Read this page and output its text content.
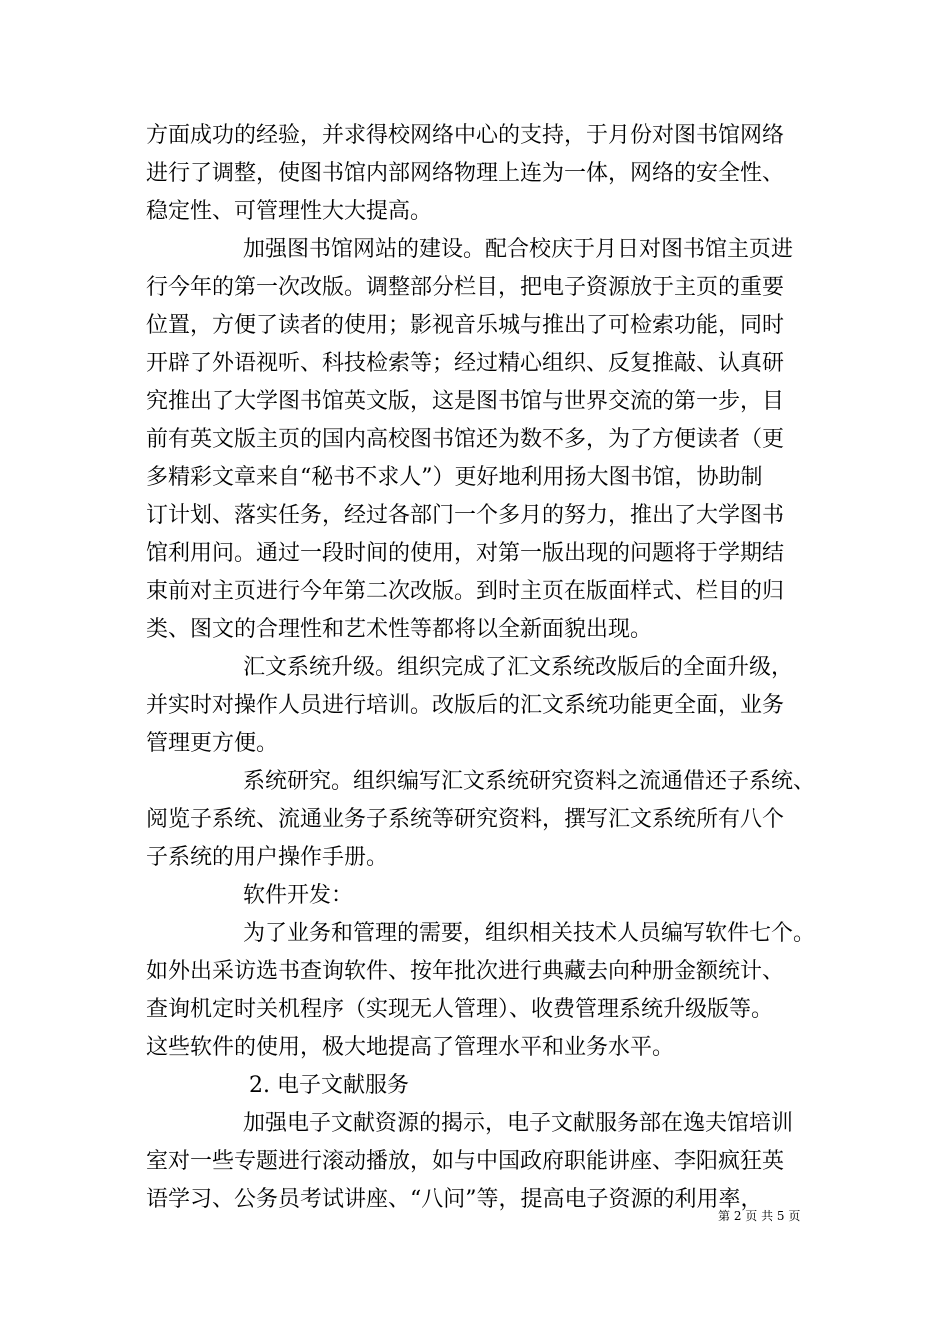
方面成功的经验，并求得校网络中心的支持，于月份对图书馆网络
进行了调整，使图书馆内部网络物理上连为一体，网络的安全性、
稳定性、可管理性大大提高。
加强图书馆网站的建设。配合校庆于月日对图书馆主页进
行今年的第一次改版。调整部分栏目，把电子资源放于主页的重要
位置，方便了读者的使用；影视音乐城与推出了可检索功能，同时
开辟了外语视听、科技检索等；经过精心组织、反复推敲、认真研
究推出了大学图书馆英文版，这是图书馆与世界交流的第一步，目
前有英文版主页的国内高校图书馆还为数不多，为了方便读者（更
多精彩文章来自“秘书不求人”）更好地利用扬大图书馆，协助制
订计划、落实任务，经过各部门一个多月的努力，推出了大学图书
馆利用问。通过一段时间的使用，对第一版出现的问题将于学期结
束前对主页进行今年第二次改版。到时主页在版面样式、栏目的归
类、图文的合理性和艺术性等都将以全新面貌出现。
汇文系统升级。组织完成了汇文系统改版后的全面升级，
并实时对操作人员进行培训。改版后的汇文系统功能更全面，业务
管理更方便。
系统研究。组织编写汇文系统研究资料之流通借还子系统、
阅览子系统、流通业务子系统等研究资料，撰写汇文系统所有八个
子系统的用户操作手册。
软件开发：
为了业务和管理的需要，组织相关技术人员编写软件七个。
如外出采访选书查询软件、按年批次进行典藏去向种册金额统计、
查询机定时关机程序（实现无人管理）、收费管理系统升级版等。
这些软件的使用，极大地提高了管理水平和业务水平。
2. 电子文献服务
加强电子文献资源的揭示，电子文献服务部在逸夫馆培训
室对一些专题进行滚动播放，如与中国政府职能讲座、李阳疯狂英
语学习、公务员考试讲座、“八问”等，提高电子资源的利用率，
第 2 页 共 5 页
